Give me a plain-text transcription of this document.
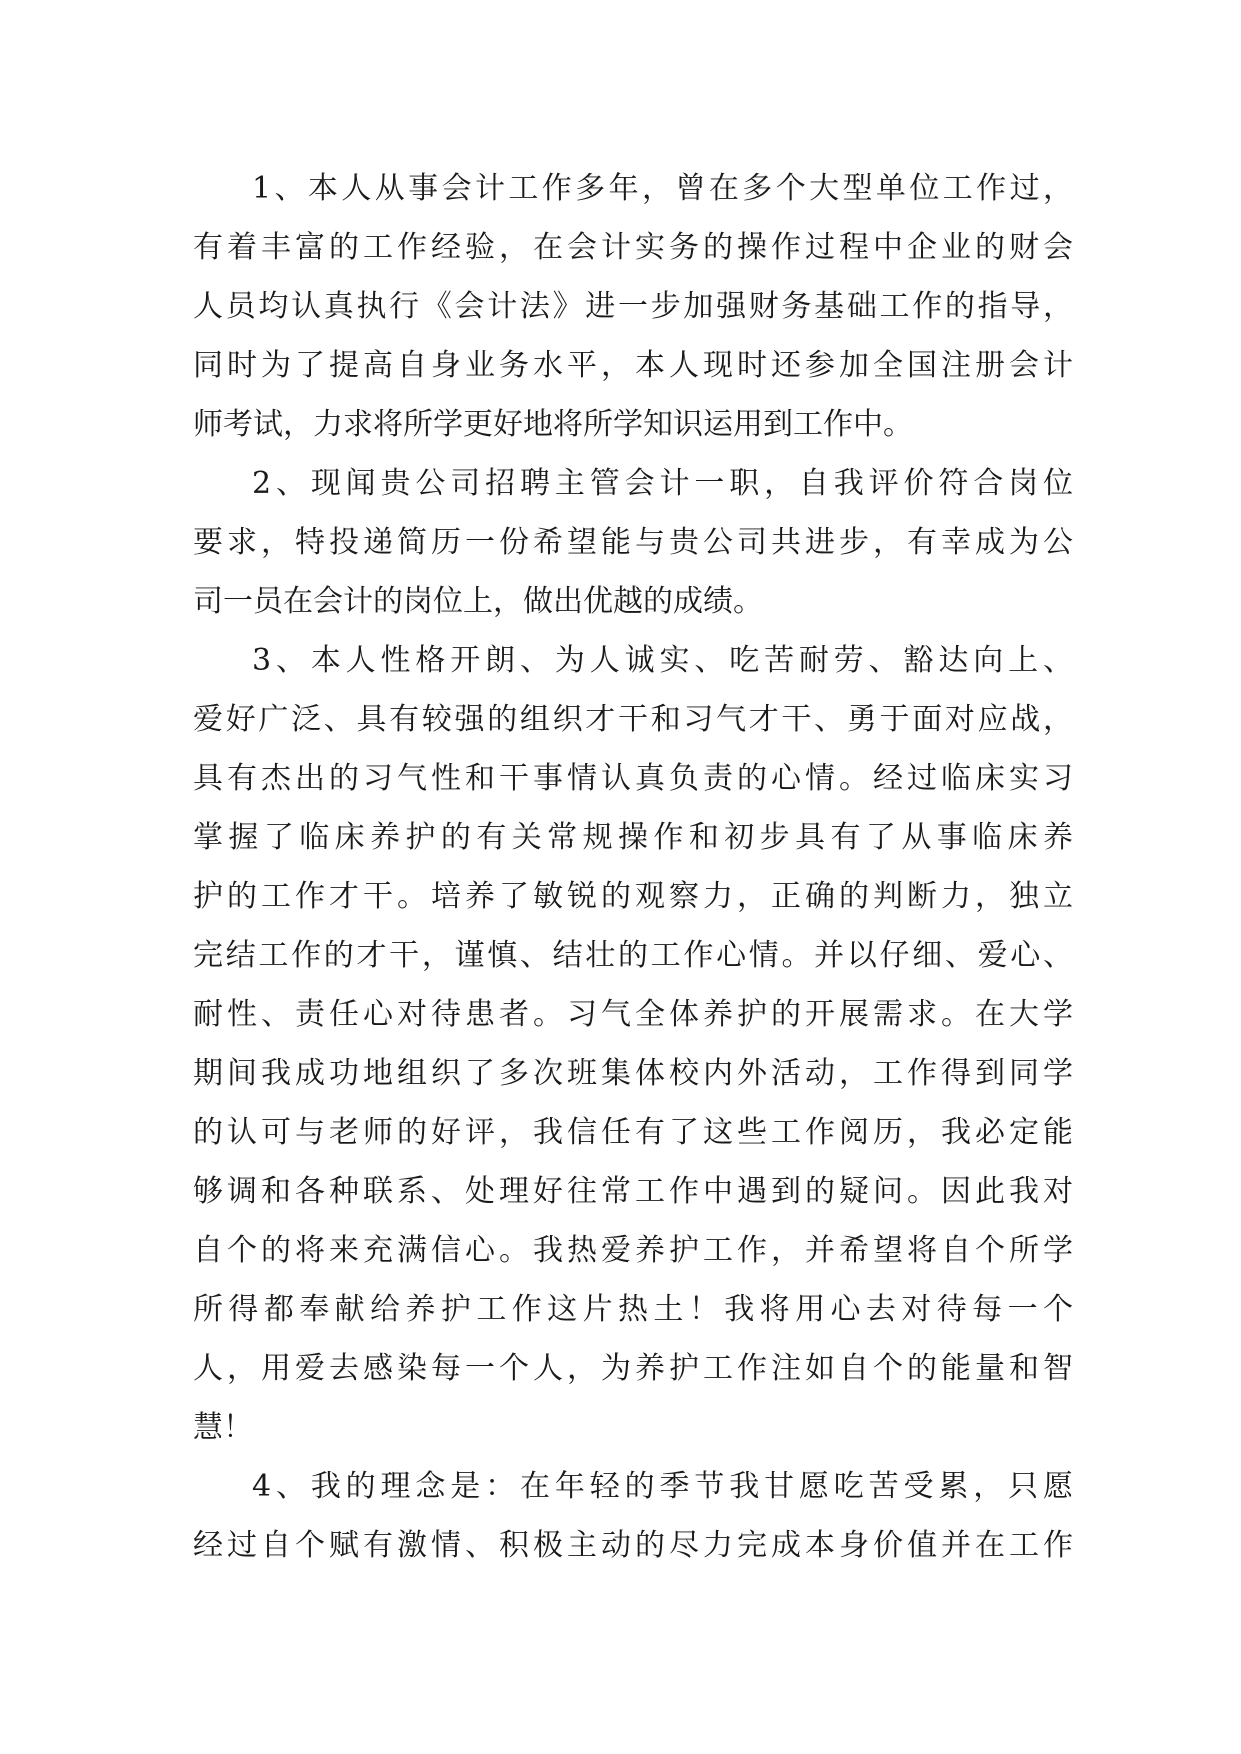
1、本人从事会计工作多年，曾在多个大型单位工作过，
有着丰富的工作经验，在会计实务的操作过程中企业的财会
人员均认真执行《会计法》进一步加强财务基础工作的指导，
同时为了提高自身业务水平，本人现时还参加全国注册会计
师考试，力求将所学更好地将所学知识运用到工作中。

2、现闻贵公司招聘主管会计一职，自我评价符合岗位
要求，特投递简历一份希望能与贵公司共进步，有幸成为公
司一员在会计的岗位上，做出优越的成绩。

3、本人性格开朗、为人诚实、吃苦耐劳、豁达向上、
爱好广泛、具有较强的组织才干和习气才干、勇于面对应战，
具有杰出的习气性和干事情认真负责的心情。经过临床实习
掌握了临床养护的有关常规操作和初步具有了从事临床养
护的工作才干。培养了敏锐的观察力，正确的判断力，独立
完结工作的才干，谨慎、结壮的工作心情。并以仔细、爱心、
耐性、责任心对待患者。习气全体养护的开展需求。在大学
期间我成功地组织了多次班集体校内外活动，工作得到同学
的认可与老师的好评，我信任有了这些工作阅历，我必定能
够调和各种联系、处理好往常工作中遇到的疑问。因此我对
自个的将来充满信心。我热爱养护工作，并希望将自个所学
所得都奉献给养护工作这片热土！我将用心去对待每一个
人，用爱去感染每一个人，为养护工作注如自个的能量和智
慧！

4、我的理念是：在年轻的季节我甘愿吃苦受累，只愿
经过自个赋有激情、积极主动的尽力完成本身价值并在工作
